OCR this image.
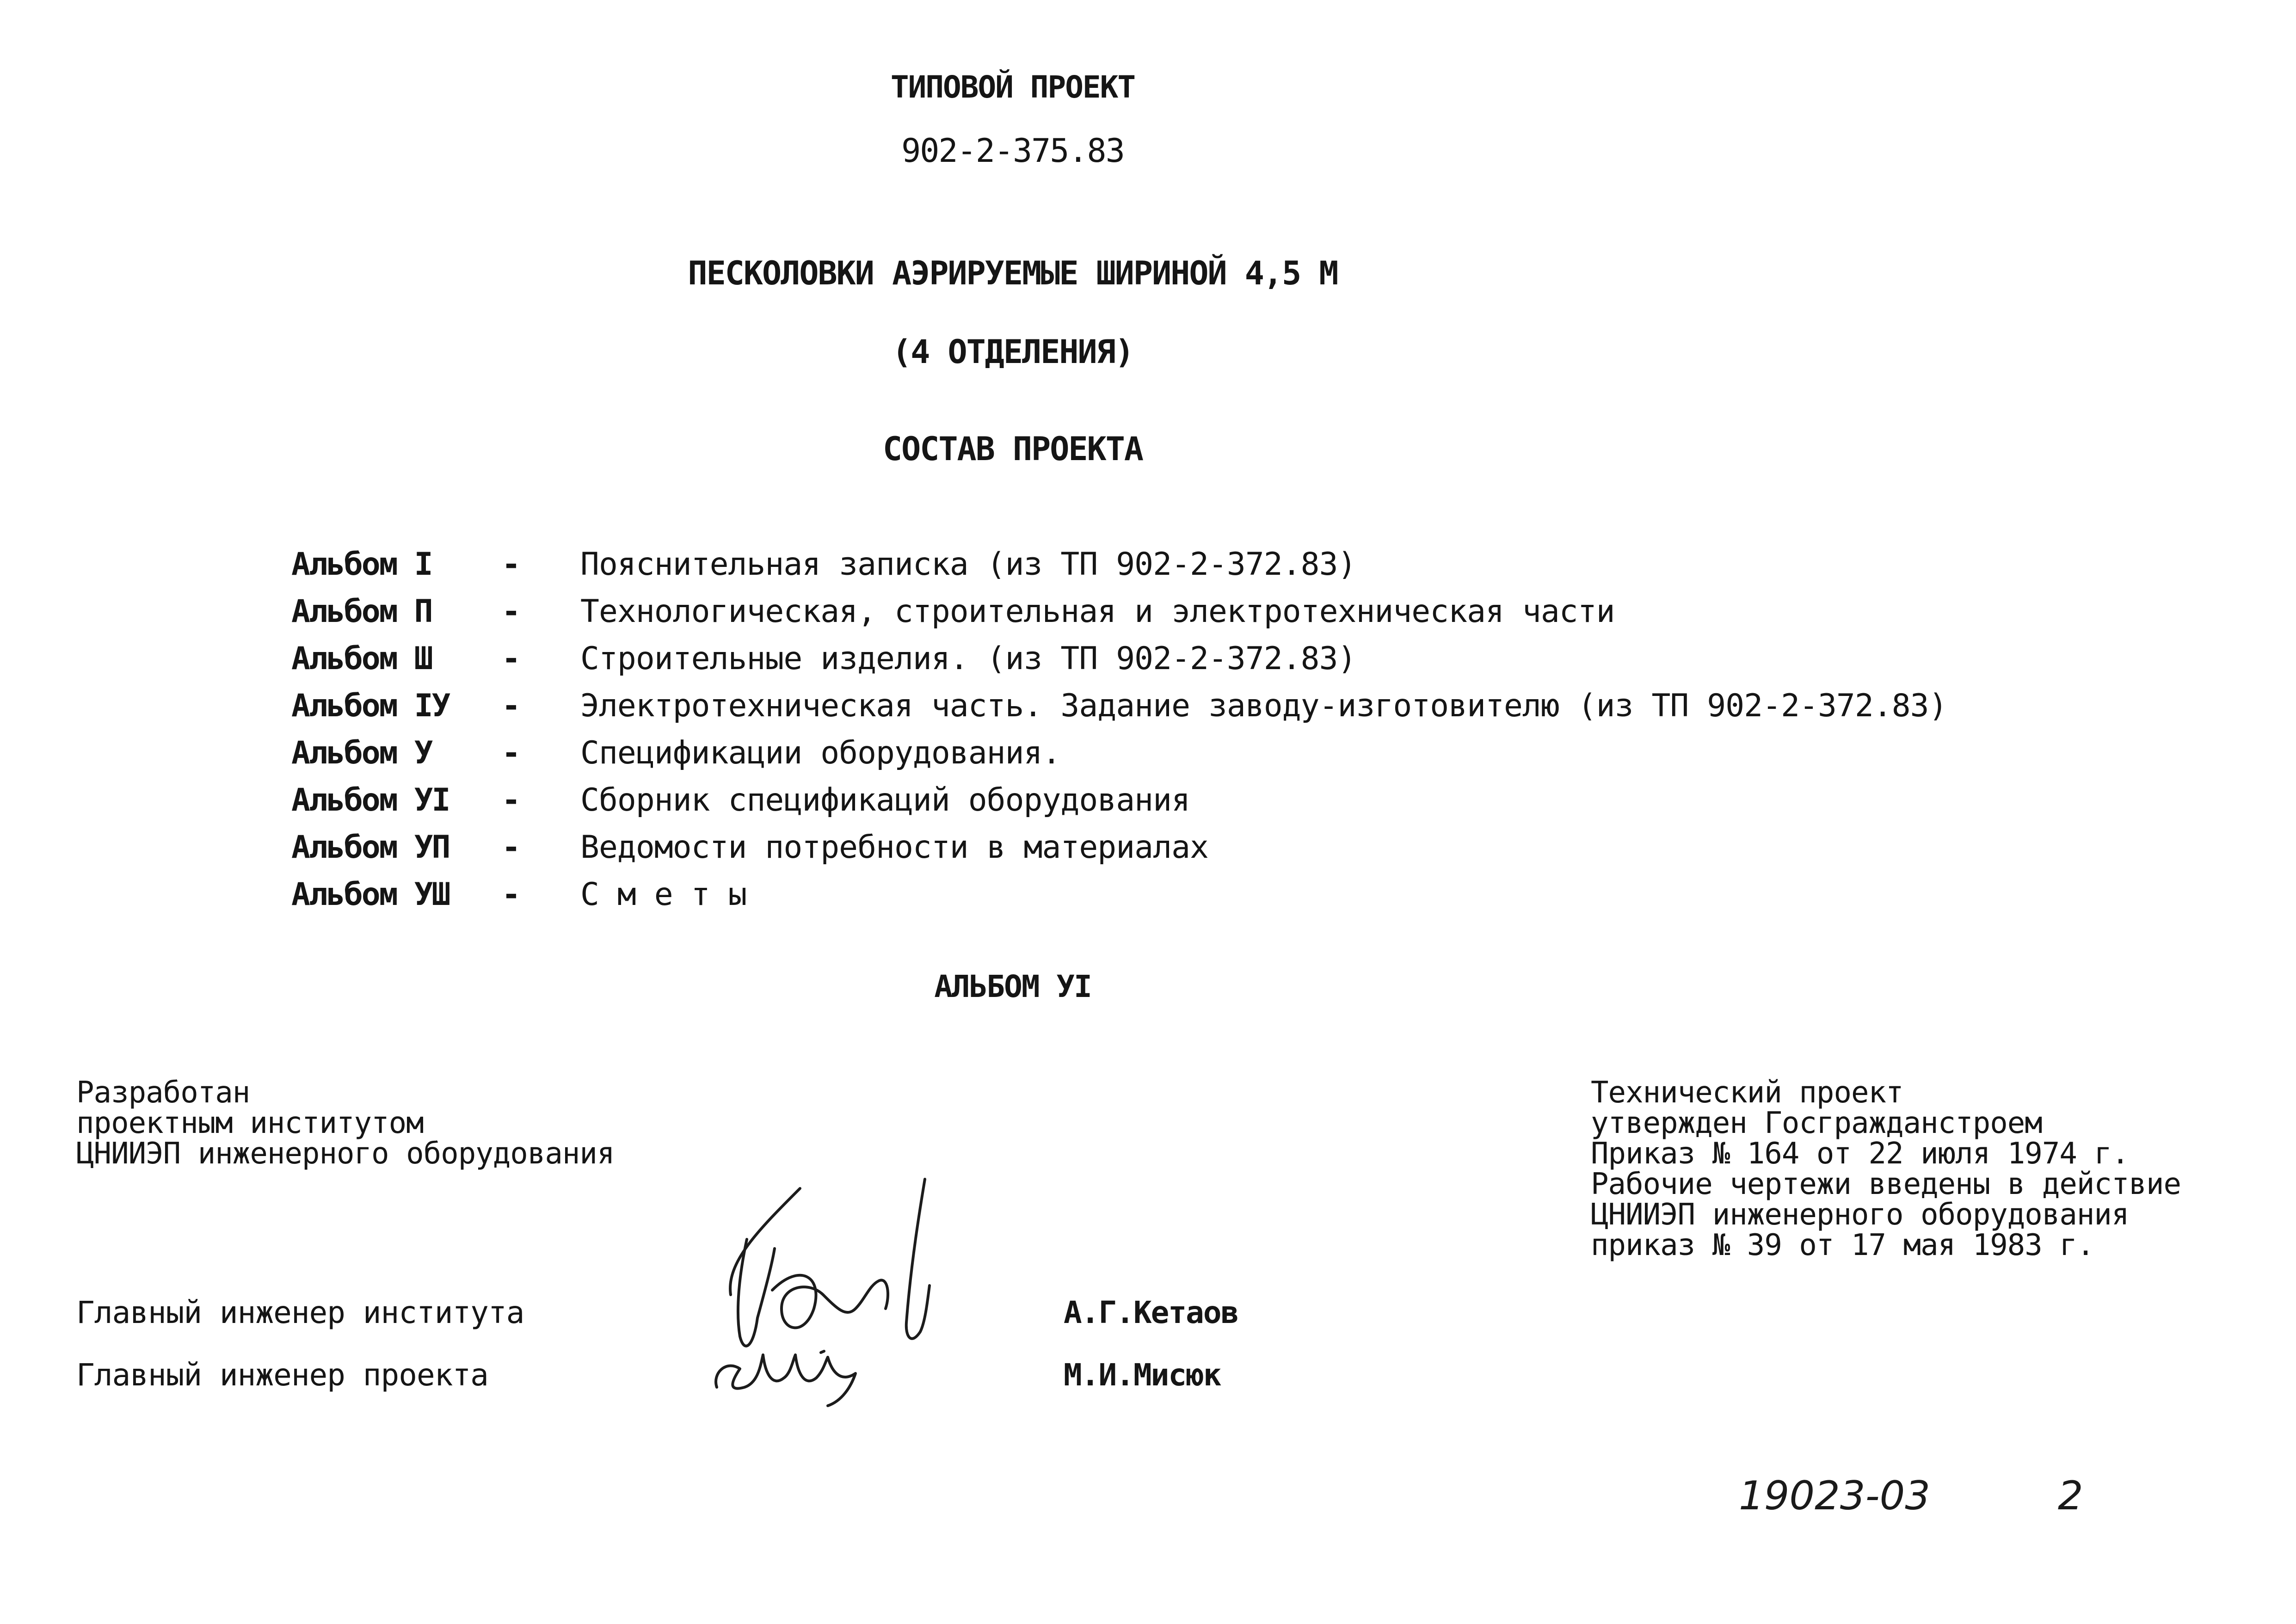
ТИПОВОЙ ПРОЕКТ
902-2-375.83
ПЕСКОЛОВКИ АЭРИРУЕМЫЕ ШИРИНОЙ 4,5 М
(4 ОТДЕЛЕНИЯ)
СОСТАВ ПРОЕКТА
Альбом I - Пояснительная записка (из ТП 902-2-372.83)
Альбом П - Технологическая, строительная и электротехническая части
Альбом Ш - Строительные изделия. (из ТП 902-2-372.83)
Альбом IУ - Электротехническая часть. Задание заводу-изготовителю (из ТП 902-2-372.83)
Альбом У - Спецификации оборудования.
Альбом УI - Сборник спецификаций оборудования
Альбом УП - Ведомости потребности в материалах
Альбом УШ - С м е т ы
АЛЬБОМ УI
Разработан
проектным институтом
ЦНИИЭП инженерного оборудования
Технический проект
утвержден Госгражданстроем
Приказ № 164 от 22 июля 1974 г.
Рабочие чертежи введены в действие
ЦНИИЭП инженерного оборудования
приказ № 39 от 17 мая 1983 г.
Главный инженер института	А.Г.Кетаов
Главный инженер проекта	М.И.Мисюк
19023-03	2
